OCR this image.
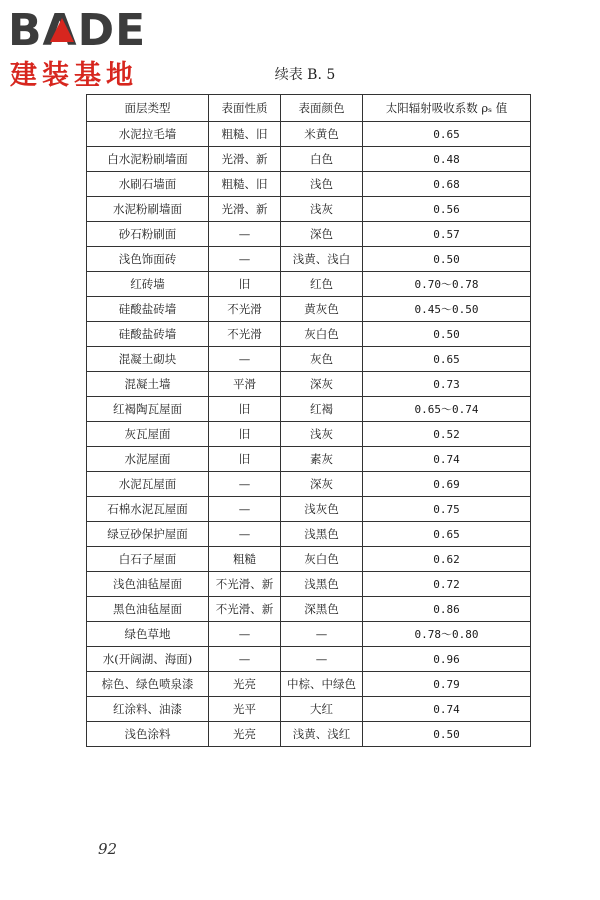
BADE
建装基地	续表 B. 5
面层类型	表面性质	表面颜色	太阳辐射吸收系数 ρₛ 值
水泥拉毛墙	粗糙、旧	米黄色	0.65
白水泥粉刷墙面	光滑、新	白色	0.48
水刷石墙面	粗糙、旧	浅色	0.68
水泥粉刷墙面	光滑、新	浅灰	0.56
砂石粉刷面	—	深色	0.57
浅色饰面砖	—	浅黄、浅白	0.50
红砖墙	旧	红色	0.70～0.78
硅酸盐砖墙	不光滑	黄灰色	0.45～0.50
硅酸盐砖墙	不光滑	灰白色	0.50
混凝土砌块	—	灰色	0.65
混凝土墙	平滑	深灰	0.73
红褐陶瓦屋面	旧	红褐	0.65～0.74
灰瓦屋面	旧	浅灰	0.52
水泥屋面	旧	素灰	0.74
水泥瓦屋面	—	深灰	0.69
石棉水泥瓦屋面	—	浅灰色	0.75
绿豆砂保护屋面	—	浅黑色	0.65
白石子屋面	粗糙	灰白色	0.62
浅色油毡屋面	不光滑、新	浅黑色	0.72
黑色油毡屋面	不光滑、新	深黑色	0.86
绿色草地	—	—	0.78～0.80
水(开阔湖、海面)	—	—	0.96
棕色、绿色喷泉漆	光亮	中棕、中绿色	0.79
红涂料、油漆	光平	大红	0.74
浅色涂料	光亮	浅黄、浅红	0.50
92
